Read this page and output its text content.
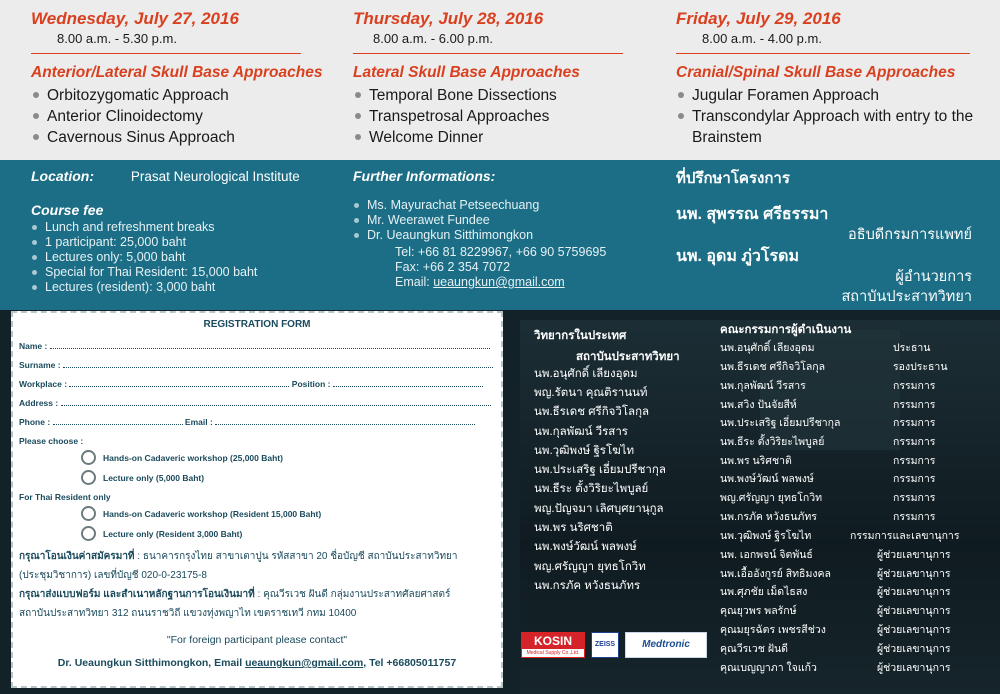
Wednesday, July 27, 2016
8.00 a.m. - 5.30 p.m.
Anterior/Lateral Skull Base Approaches
Orbitozygomatic Approach
Anterior Clinoidectomy
Cavernous Sinus Approach
Thursday, July 28, 2016
8.00 a.m. - 6.00 p.m.
Lateral Skull Base Approaches
Temporal Bone Dissections
Transpetrosal Approaches
Welcome Dinner
Friday, July 29, 2016
8.00 a.m. - 4.00 p.m.
Cranial/Spinal Skull Base Approaches
Jugular Foramen Approach
Transcondylar Approach with entry to the
Brainstem
Location:	Prasat Neurological Institute
Course fee
Lunch and refreshment breaks
1 participant: 25,000 baht
Lectures only: 5,000 baht
Special for Thai Resident: 15,000 baht
Lectures (resident): 3,000 baht
Further Informations:
Ms. Mayurachat Petseechuang
Mr. Weerawet Fundee
Dr. Ueaungkun Sitthimongkon
Tel: +66 81 8229967, +66 90 5759695
Fax: +66 2 354 7072
Email: ueaungkun@gmail.com
ที่ปรึกษาโครงการ
นพ. สุพรรณ ศรีธรรมา
อธิบดีกรมการแพทย์
นพ. อุดม ภู่วโรดม
ผู้อำนวยการ
สถาบันประสาทวิทยา
REGISTRATION FORM
Name :
Surname :
Workplace :	Position :
Address :
Phone :	Email :
Please choose :
Hands-on Cadaveric workshop (25,000 Baht)
Lecture only (5,000 Baht)
For Thai Resident only
Hands-on Cadaveric workshop (Resident 15,000 Baht)
Lecture only (Resident 3,000 Baht)
กรุณาโอนเงินค่าสมัครมาที่ : ธนาคารกรุงไทย สาขาเตาปูน รหัสสาขา 20 ชื่อบัญชี สถาบันประสาทวิทยา
(ประชุมวิชาการ) เลขที่บัญชี 020-0-23175-8
กรุณาส่งแบบฟอร์ม และสำเนาหลักฐานการโอนเงินมาที่ : คุณวีรเวช ฝันดี กลุ่มงานประสาทศัลยศาสตร์
สถาบันประสาทวิทยา 312 ถนนราชวิถี แขวงทุ่งพญาไท เขตราชเทวี กทม 10400
"For foreign participant please contact"
Dr. Ueaungkun Sitthimongkon, Email ueaungkun@gmail.com, Tel +66805011757
วิทยากรในประเทศ
สถาบันประสาทวิทยา
นพ.อนุศักดิ์ เลียงอุดม
พญ.รัตนา คุณติรานนท์
นพ.ธีรเดช ศรีกิจวิโลกุล
นพ.กุลพัฒน์ วีรสาร
นพ.วุฒิพงษ์ ฐิรโฆไท
นพ.ประเสริฐ เอี่ยมปรีชากุล
นพ.ธีระ ตั้งวิริยะไพบูลย์
พญ.ปัญจมา เลิศบุศยานุกูล
นพ.พร นริศชาติ
นพ.พงษ์วัฒน์ พลพงษ์
พญ.ศรัญญา ยุทธโกวิท
นพ.กรภัค หวังธนภัทร
คณะกรรมการผู้ดำเนินงาน
นพ.อนุศักดิ์ เลียงอุดม	ประธาน
นพ.ธีรเดช ศรีกิจวิโลกุล	รองประธาน
นพ.กุลพัฒน์ วีรสาร	กรรมการ
นพ.สวิง ปันจัยสีห์	กรรมการ
นพ.ประเสริฐ เอี่ยมปรีชากุล	กรรมการ
นพ.ธีระ ตั้งวิริยะไพบูลย์	กรรมการ
นพ.พร นริศชาติ	กรรมการ
นพ.พงษ์วัฒน์ พลพงษ์	กรรมการ
พญ.ศรัญญา ยุทธโกวิท	กรรมการ
นพ.กรภัค หวังธนภัทร	กรรมการ
นพ.วุฒิพงษ์ ฐิรโฆไท	กรรมการและเลขานุการ
นพ. เอกพจน์ จิตพันธ์	ผู้ช่วยเลขานุการ
นพ.เอื้ออังกูรย์ สิทธิมงคล	ผู้ช่วยเลขานุการ
นพ.ศุภชัย เม็ดไธสง	ผู้ช่วยเลขานุการ
คุณยุวพร พลรักษ์	ผู้ช่วยเลขานุการ
คุณมยุรฉัตร เพชรสีช่วง	ผู้ช่วยเลขานุการ
คุณวีรเวช ฝันดี	ผู้ช่วยเลขานุการ
คุณเบญญาภา ใจแก้ว	ผู้ช่วยเลขานุการ
KOSIN
Medical Supply Co.,Ltd.
ZEISS	Medtronic
